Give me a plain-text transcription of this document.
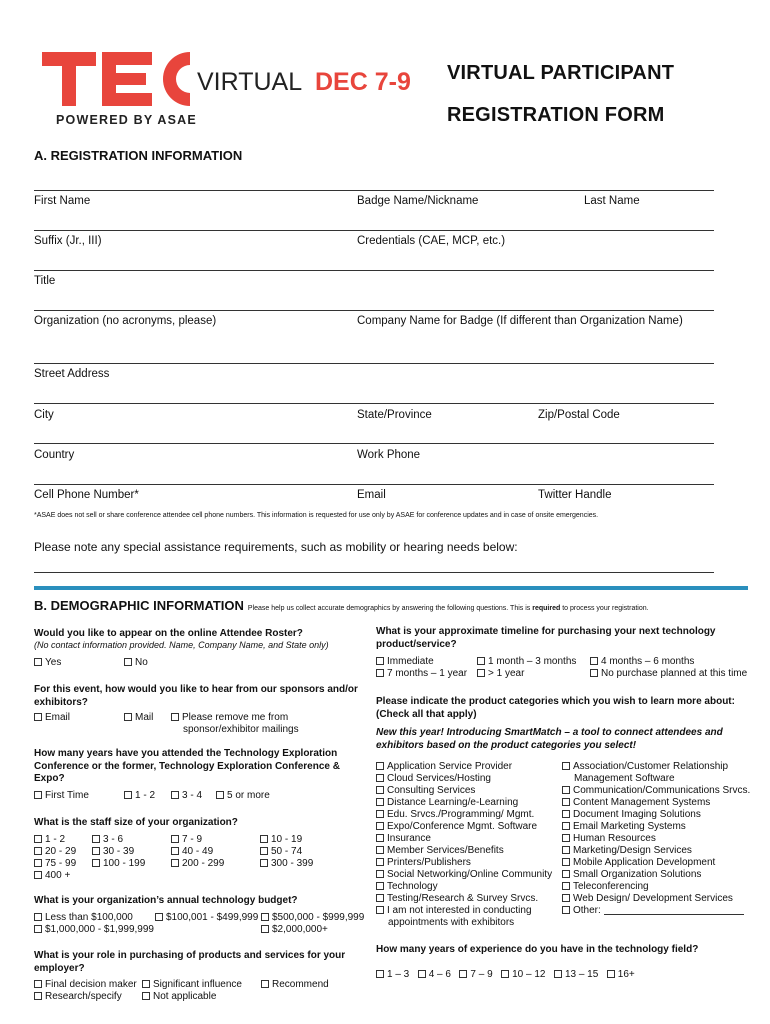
VIRTUAL DEC 7-9
POWERED BY ASAE
VIRTUAL PARTICIPANT
REGISTRATION FORM
A. REGISTRATION INFORMATION
First Name	Badge Name/Nickname	Last Name
Suffix (Jr., III)	Credentials (CAE, MCP, etc.)
Title
Organization (no acronyms, please)	Company Name for Badge (If different than Organization Name)
Street Address
City	State/Province	Zip/Postal Code
Country	Work Phone
Cell Phone Number*	Email	Twitter Handle
*ASAE does not sell or share conference attendee cell phone numbers. This information is requested for use only by ASAE for conference updates and in case of onsite emergencies.
Please note any special assistance requirements, such as mobility or hearing needs below:
B. DEMOGRAPHIC INFORMATION Please help us collect accurate demographics by answering the following questions. This is required to process your registration.
Would you like to appear on the online Attendee Roster?
(No contact information provided. Name, Company Name, and State only)
Yes	No
For this event, how would you like to hear from our sponsors and/or
exhibitors?
Email	Mail	Please remove me from sponsor/exhibitor mailings
How many years have you attended the Technology Exploration
Conference or the former, Technology Exploration Conference &
Expo?
First Time	1 - 2	3 - 4	5 or more
What is the staff size of your organization?
1 - 2	3 - 6	7 - 9	10 - 19
20 - 29	30 - 39	40 - 49	50 - 74
75 - 99	100 - 199	200 - 299	300 - 399
400 +
What is your organization’s annual technology budget?
Less than $100,000	$100,001 - $499,999	$500,000 - $999,999
$1,000,000 - $1,999,999	$2,000,000+
What is your role in purchasing of products and services for your
employer?
Final decision maker	Significant influence	Recommend
Research/specify	Not applicable
What is your approximate timeline for purchasing your next technology
product/service?
Immediate	1 month – 3 months	4 months – 6 months
7 months – 1 year	> 1 year	No purchase planned at this time
Please indicate the product categories which you wish to learn more about:
(Check all that apply)
New this year! Introducing SmartMatch – a tool to connect attendees and
exhibitors based on the product categories you select!
Application Service Provider
Cloud Services/Hosting
Consulting Services
Distance Learning/e-Learning
Edu. Srvcs./Programming/ Mgmt.
Expo/Conference Mgmt. Software
Insurance
Member Services/Benefits
Printers/Publishers
Social Networking/Online Community
Technology
Testing/Research & Survey Srvcs.
I am not interested in conducting appointments with exhibitors
Association/Customer Relationship Management Software
Communication/Communications Srvcs.
Content Management Systems
Document Imaging Solutions
Email Marketing Systems
Human Resources
Marketing/Design Services
Mobile Application Development
Small Organization Solutions
Teleconferencing
Web Design/ Development Services
Other:
How many years of experience do you have in the technology field?
1 – 3 4 – 6 7 – 9 10 – 12 13 – 15 16+
